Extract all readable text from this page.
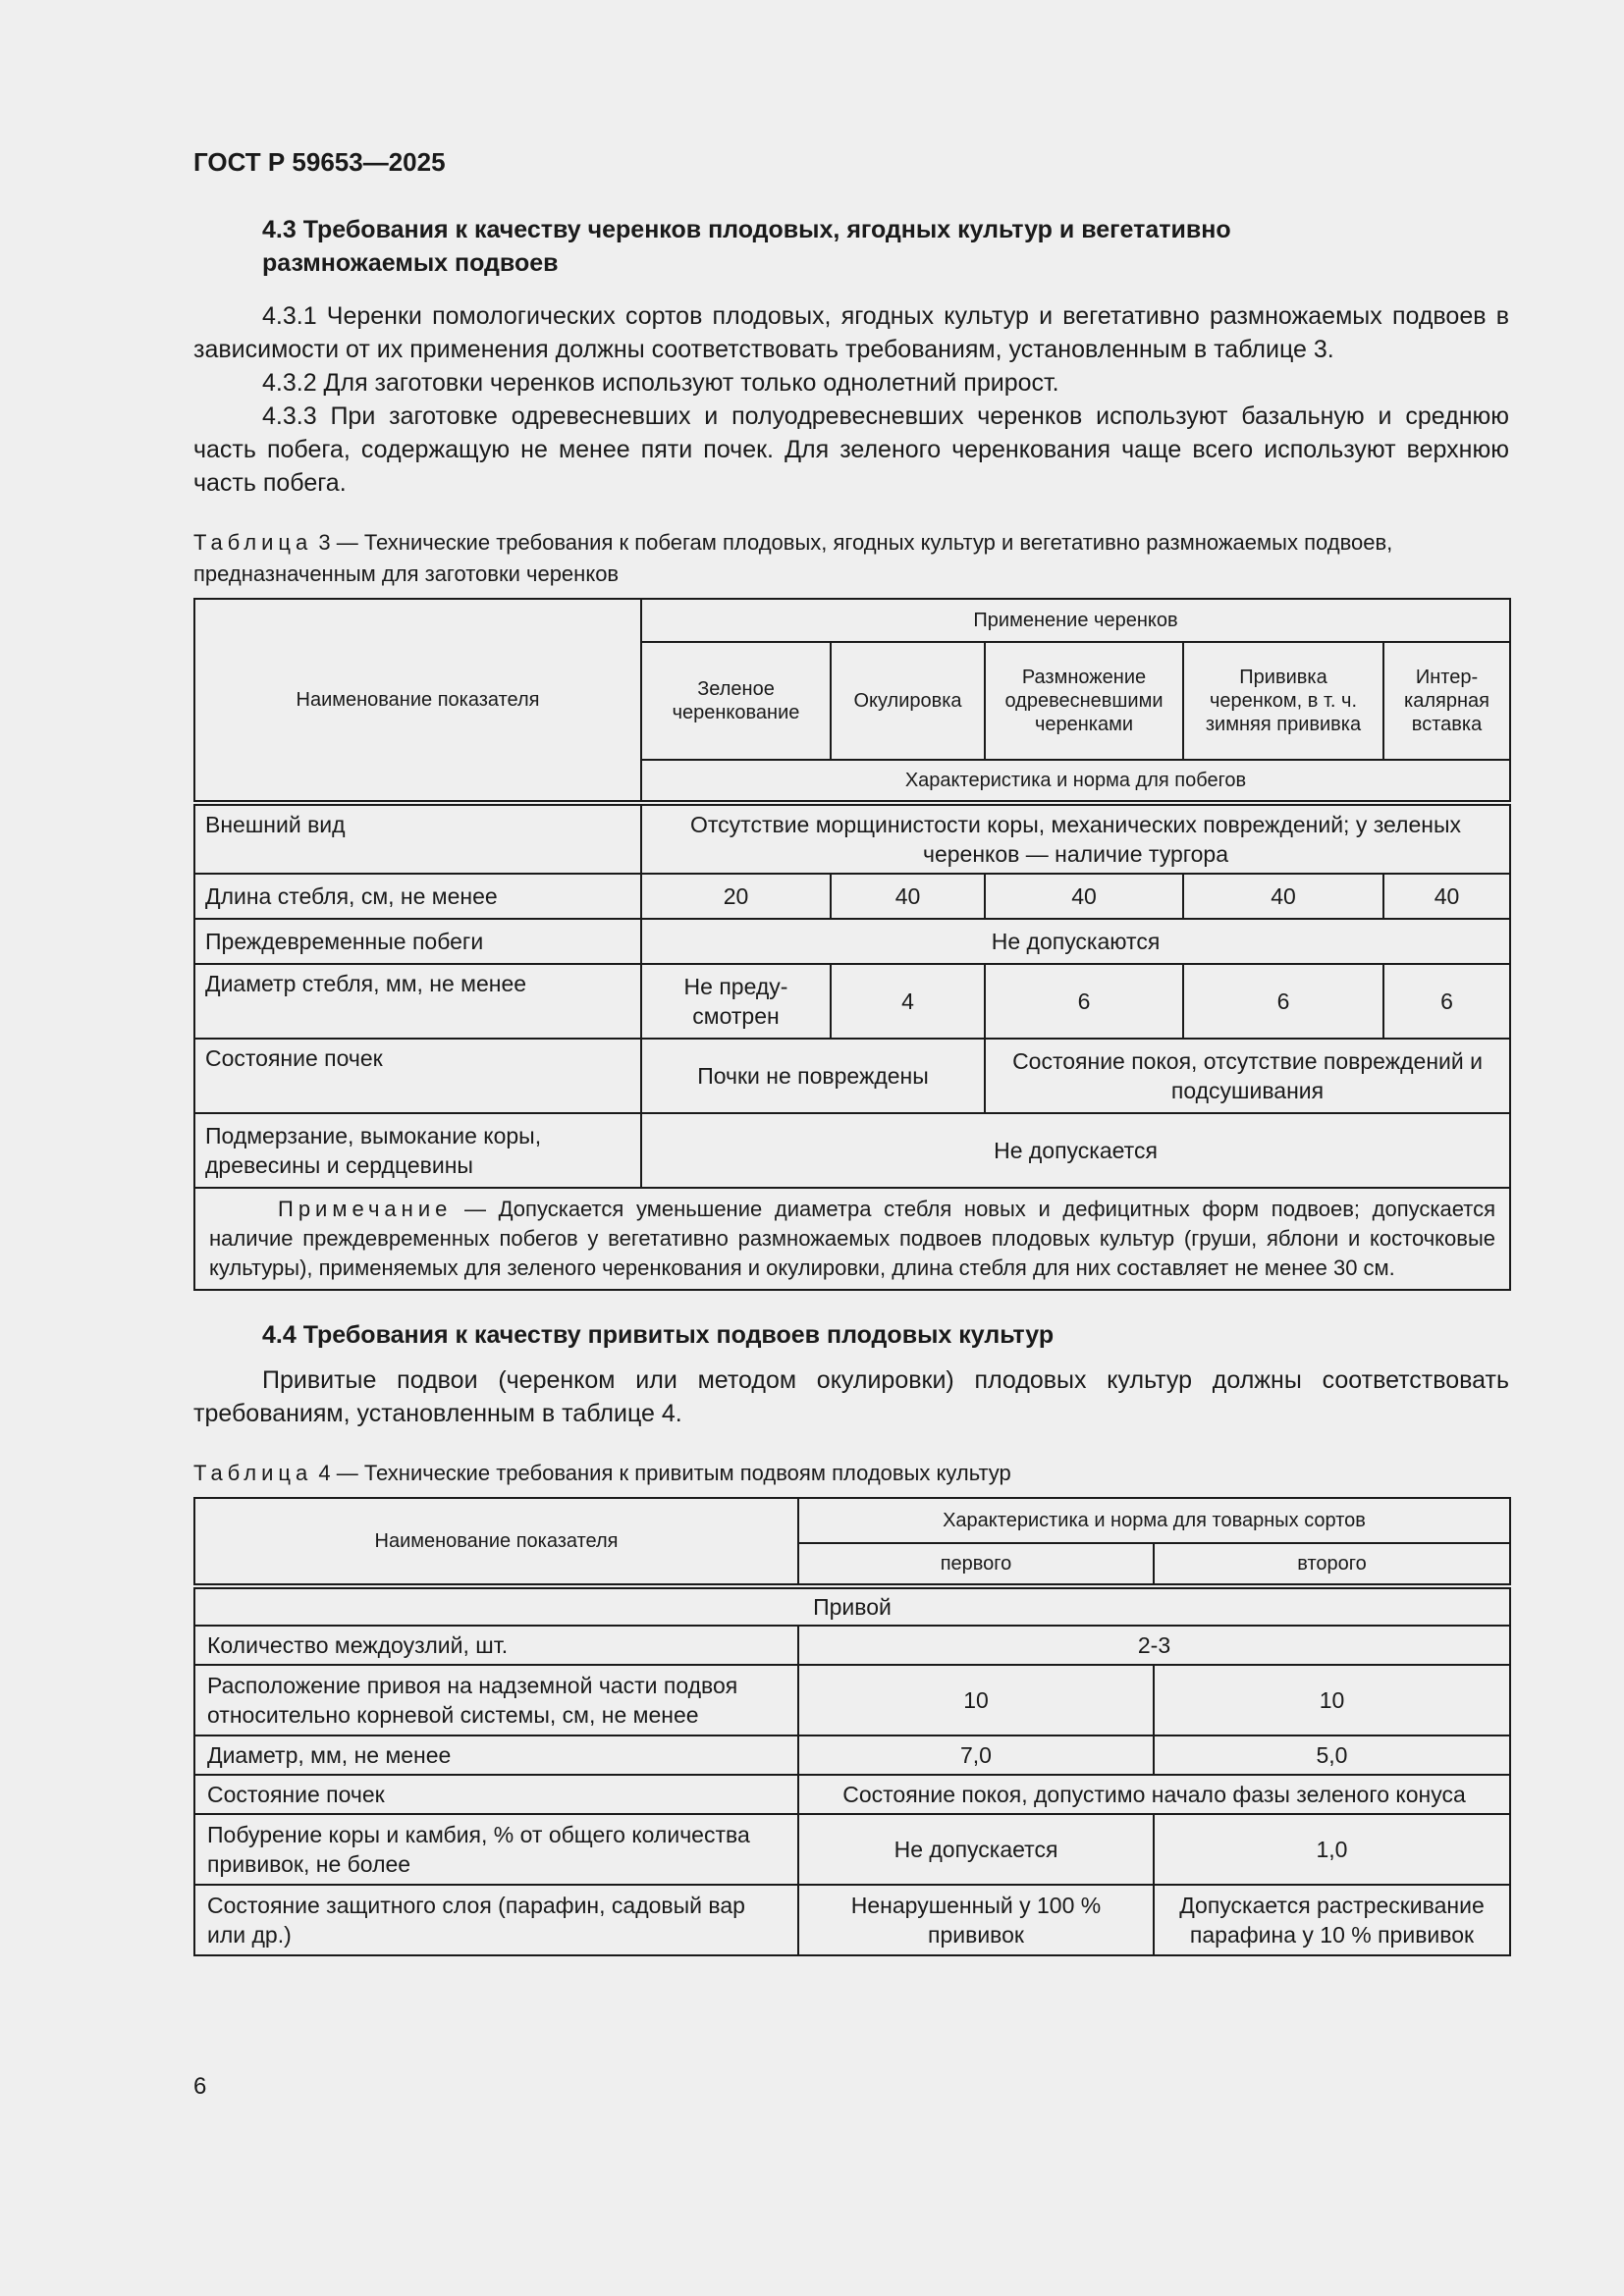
ГОСТ Р 59653—2025
4.3 Требования к качеству черенков плодовых, ягодных культур и вегетативно
размножаемых подвоев

4.3.1 Черенки помологических сортов плодовых, ягодных культур и вегетативно размножаемых подвоев в зависимости от их применения должны соответствовать требованиям, установленным в таблице 3.

4.3.2 Для заготовки черенков используют только однолетний прирост.

4.3.3 При заготовке одревесневших и полуодревесневших черенков используют базальную и среднюю часть побега, содержащую не менее пяти почек. Для зеленого черенкования чаще всего используют верхнюю часть побега.

Таблица 3 — Технические требования к побегам плодовых, ягодных культур и вегетативно размножаемых подвоев, предназначенным для заготовки черенков

Наименование показателя	Применение черенков				
	Зеленое черенкование	Окулировка	Размножение одревесневшими черенками	Прививка черенком, в т. ч. зимняя прививка	Интер-калярная вставка
	Характеристика и норма для побегов				
Внешний вид	Отсутствие морщинистости коры, механических повреждений; у зеленых черенков — наличие тургора				
Длина стебля, см, не менее	20	40	40	40	40
Преждевременные побеги	Не допускаются				
Диаметр стебля, мм, не менее	Не преду-смотрен	4	6	6	6
Состояние почек	Почки не повреждены		Состояние покоя, отсутствие повреждений и подсушивания		
Подмерзание, вымокание коры, древесины и сердцевины	Не допускается				
Примечание — Допускается уменьшение диаметра стебля новых и дефицитных форм подвоев; допускается наличие преждевременных побегов у вегетативно размножаемых подвоев плодовых культур (груши, яблони и косточковые культуры), применяемых для зеленого черенкования и окулировки, длина стебля для них составляет не менее 30 см.					
4.4 Требования к качеству привитых подвоев плодовых культур

Привитые подвои (черенком или методом окулировки) плодовых культур должны соответствовать требованиям, установленным в таблице 4.

Таблица 4 — Технические требования к привитым подвоям плодовых культур

Наименование показателя	Характеристика и норма для товарных сортов	
	первого	второго
Привой		
Количество междоузлий, шт.	2-3	
Расположение привоя на надземной части подвоя относительно корневой системы, см, не менее	10	10
Диаметр, мм, не менее	7,0	5,0
Состояние почек	Состояние покоя, допустимо начало фазы зеленого конуса	
Побурение коры и камбия, % от общего количества прививок, не более	Не допускается	1,0
Состояние защитного слоя (парафин, садовый вар или др.)	Ненарушенный у 100 % прививок	Допускается растрескивание парафина у 10 % прививок
6
